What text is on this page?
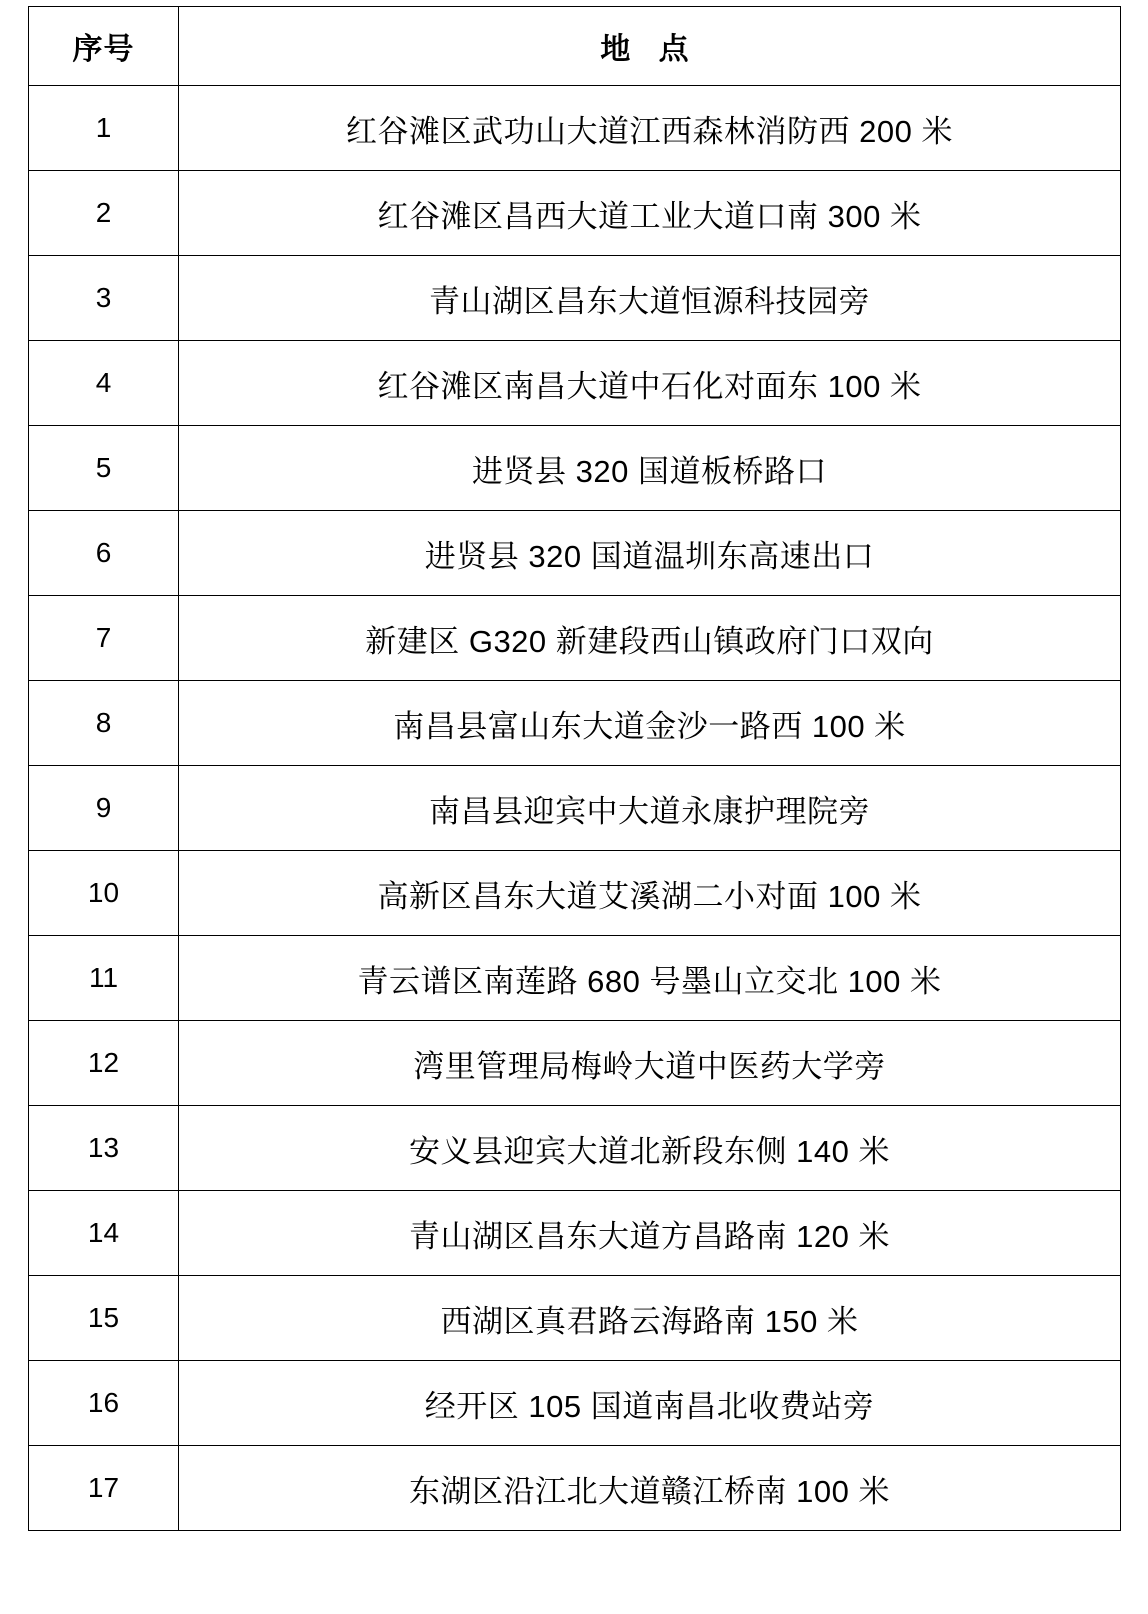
序号	地 点
1	红谷滩区武功山大道江西森林消防西 200 米
2	红谷滩区昌西大道工业大道口南 300 米
3	青山湖区昌东大道恒源科技园旁
4	红谷滩区南昌大道中石化对面东 100 米
5	进贤县 320 国道板桥路口
6	进贤县 320 国道温圳东高速出口
7	新建区 G320 新建段西山镇政府门口双向
8	南昌县富山东大道金沙一路西 100 米
9	南昌县迎宾中大道永康护理院旁
10	高新区昌东大道艾溪湖二小对面 100 米
11	青云谱区南莲路 680 号墨山立交北 100 米
12	湾里管理局梅岭大道中医药大学旁
13	安义县迎宾大道北新段东侧 140 米
14	青山湖区昌东大道方昌路南 120 米
15	西湖区真君路云海路南 150 米
16	经开区 105 国道南昌北收费站旁
17	东湖区沿江北大道赣江桥南 100 米
